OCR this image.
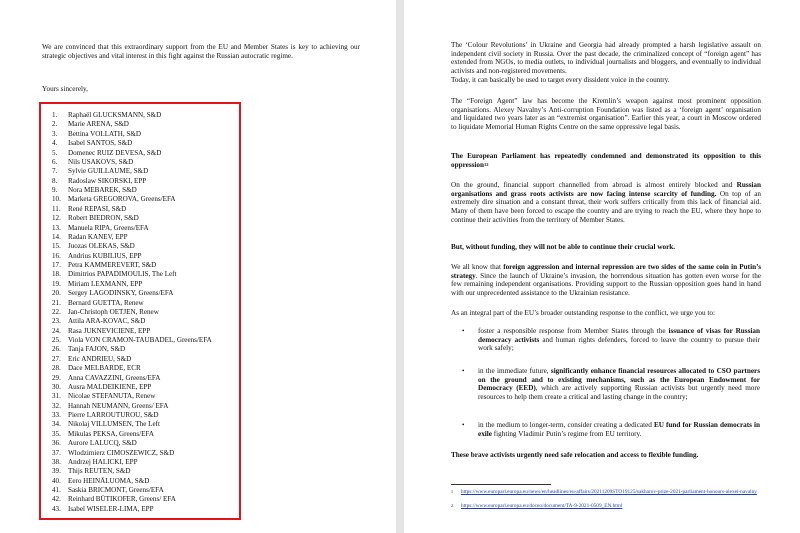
We are convinced that this extraordinary support from the EU and Member States is key to achieving our strategic objectives and vital interest in this fight against the Russian autocratic regime.

Yours sincerely,

1.	Raphaël GLUCKSMANN, S&D
2.	Marie ARENA, S&D
3.	Bettina VOLLATH, S&D
4.	Isabel SANTOS, S&D
5.	Domenec RUIZ DEVESA, S&D
6.	Nils USAKOVS, S&D
7.	Sylvie GUILLAUME, S&D
8.	Radoslaw SIKORSKI, EPP
9.	Nora MEBAREK, S&D
10.	Marketa GREGOROVA, Greens/EFA
11.	René REPASI, S&D
12.	Robert BIEDRON, S&D
13.	Manuela RIPA, Greens/EFA
14.	Radan KANEV, EPP
15.	Juozas OLEKAS, S&D
16.	Andrius KUBILIUS, EPP
17.	Petra KAMMEREVERT, S&D
18.	Dimitrios PAPADIMOULIS, The Left
19.	Miriam LEXMANN, EPP
20.	Sergey LAGODINSKY, Greens/EFA
21.	Bernard GUETTA, Renew
22.	Jan-Christoph OETJEN, Renew
23.	Attila ARA-KOVAC, S&D
24.	Rasa JUKNEVICIENE, EPP
25.	Viola VON CRAMON-TAUBADEL, Greens/EFA
26.	Tanja FAJON, S&D
27.	Eric ANDRIEU, S&D
28.	Dace MELBARDE, ECR
29.	Anna CAVAZZINI, Greens/EFA
30.	Ausra MALDEIKIENE, EPP
31.	Nicolae STEFANUTA, Renew
32.	Hannah NEUMANN, Greens/ EFA
33.	Pierre LARROUTUROU, S&D
34.	Nikolaj VILLUMSEN, The Left
35.	Mikulas PEKSA, Greens/EFA
36.	Aurore LALUCQ, S&D
37.	Wlodzimierz CIMOSZEWICZ, S&D
38.	Andrzej HALICKI, EPP
39.	Thijs REUTEN, S&D
40.	Eero HEINÄLUOMA, S&D
41.	Saskia BRICMONT, Greens/EFA
42.	Reinhard BÜTIKOFER, Greens/ EFA
43.	Isabel WISELER-LIMA, EPP

The ‘Colour Revolutions’ in Ukraine and Georgia had already prompted a harsh legislative assault on independent civil society in Russia. Over the past decade, the criminalized concept of “foreign agent” has extended from NGOs, to media outlets, to individual journalists and bloggers, and eventually to individual activists and non-registered movements.
Today, it can basically be used to target every dissident voice in the country.

The “Foreign Agent” law has become the Kremlin’s weapon against most prominent opposition organisations. Alexey Navalny’s Anti-corruption Foundation was listed as a ‘foreign agent’ organisation and liquidated two years later as an “extremist organisation”. Earlier this year, a court in Moscow ordered to liquidate Memorial Human Rights Centre on the same oppressive legal basis.

The European Parliament has repeatedly condemned and demonstrated its opposition to this oppression$^{12}$

On the ground, financial support channelled from abroad is almost entirely blocked and Russian organisations and grass roots activists are now facing intense scarcity of funding. On top of an extremely dire situation and a constant threat, their work suffers critically from this lack of financial aid. Many of them have been forced to escape the country and are trying to reach the EU, where they hope to continue their activities from the territory of Member States.

But, without funding, they will not be able to continue their crucial work.

We all know that foreign aggression and internal repression are two sides of the same coin in Putin’s strategy. Since the launch of Ukraine’s invasion, the horrendous situation has gotten even worse for the few remaining independent organisations. Providing support to the Russian opposition goes hand in hand with our unprecedented assistance to the Ukrainian resistance.

As an integral part of the EU’s broader outstanding response to the conflict, we urge you to:

• foster a responsible response from Member States through the issuance of visas for Russian democracy activists and human rights defenders, forced to leave the country to pursue their work safely;

• in the immediate future, significantly enhance financial resources allocated to CSO partners on the ground and to existing mechanisms, such as the European Endowment for Democracy (EED), which are actively supporting Russian activists but urgently need more resources to help them create a critical and lasting change in the country;

• in the medium to longer-term, consider creating a dedicated EU fund for Russian democrats in exile fighting Vladimir Putin’s regime from EU territory.

These brave activists urgently need safe relocation and access to flexible funding.

$^1$ https://www.europarl.europa.eu/news/en/headlines/eu-affairs/20211209STO19125/sakharov-prize-2021-parliament-honours-alexei-navalny
$^2$ https://www.europarl.europa.eu/doceo/document/TA-9-2021-0509_EN.html
